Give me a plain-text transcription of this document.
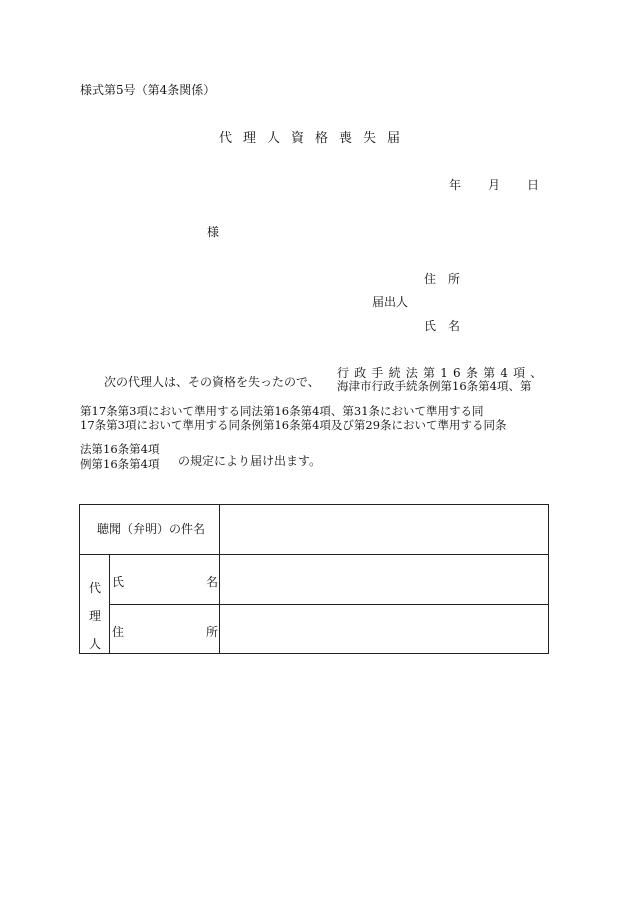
様式第5号（第4条関係）
代理人資格喪失届
年 月 日
様
住所
届出人
氏名
次の代理人は、その資格を失ったので、
行政手続法第16条第4項、
海津市行政手続条例第16条第4項、第
第17条第3項において準用する同法第16条第4項、第31条において準用する同
17条第3項において準用する同条例第16条第4項及び第29条において準用する同条
法第16条第4項
例第16条第4項 の規定により届け出ます。
聴聞（弁明）の件名
代理人
氏	名
住	所
